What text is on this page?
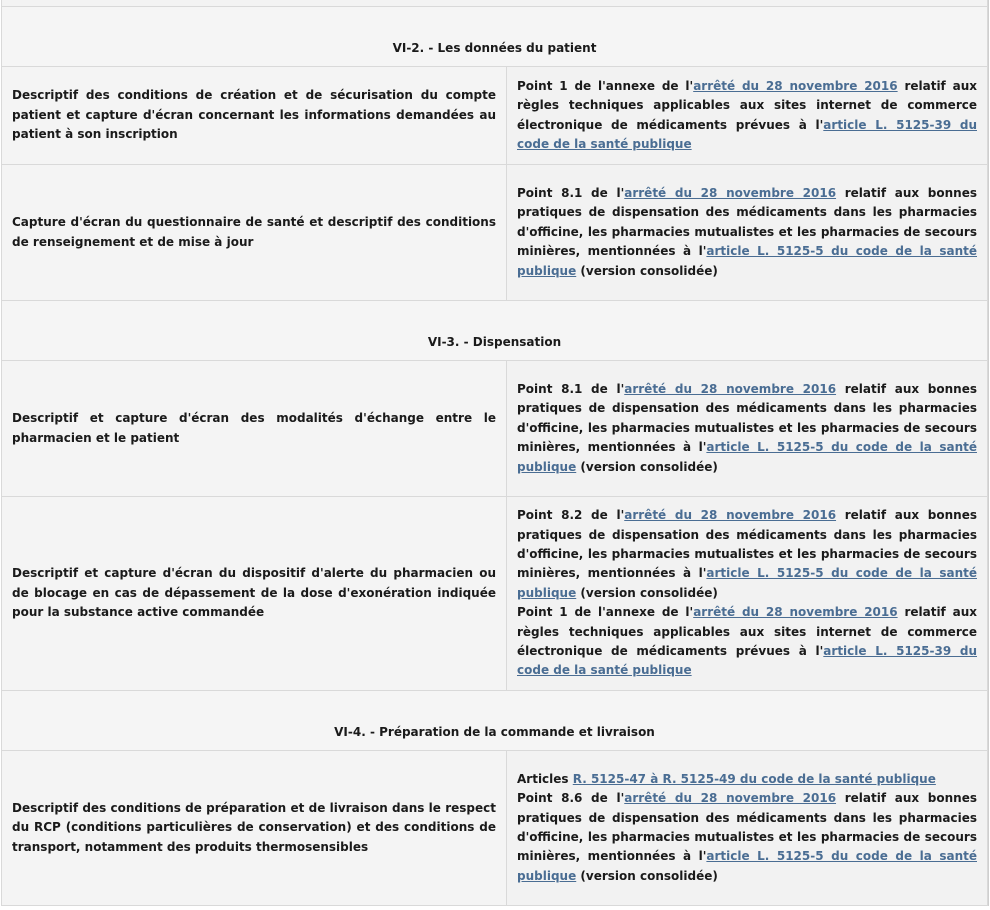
VI-2. - Les données du patient	
Descriptif des conditions de création et de sécurisation du compte patient et capture d'écran concernant les informations demandées au patient à son inscription	Point 1 de l'annexe de l'arrêté du 28 novembre 2016 relatif aux règles techniques applicables aux sites internet de commerce électronique de médicaments prévues à l'article L. 5125-39 du code de la santé publique

Capture d'écran du questionnaire de santé et descriptif des conditions de renseignement et de mise à jour	Point 8.1 de l'arrêté du 28 novembre 2016 relatif aux bonnes pratiques de dispensation des médicaments dans les pharmacies d'officine, les pharmacies mutualistes et les pharmacies de secours minières, mentionnées à l'article L. 5125-5 du code de la santé publique (version consolidée)

VI-3. - Dispensation	
Descriptif et capture d'écran des modalités d'échange entre le pharmacien et le patient	Point 8.1 de l'arrêté du 28 novembre 2016 relatif aux bonnes pratiques de dispensation des médicaments dans les pharmacies d'officine, les pharmacies mutualistes et les pharmacies de secours minières, mentionnées à l'article L. 5125-5 du code de la santé publique (version consolidée)

Descriptif et capture d'écran du dispositif d'alerte du pharmacien ou de blocage en cas de dépassement de la dose d'exonération indiquée pour la substance active commandée	Point 8.2 de l'arrêté du 28 novembre 2016 relatif aux bonnes pratiques de dispensation des médicaments dans les pharmacies d'officine, les pharmacies mutualistes et les pharmacies de secours minières, mentionnées à l'article L. 5125-5 du code de la santé publique (version consolidée)
Point 1 de l'annexe de l'arrêté du 28 novembre 2016 relatif aux règles techniques applicables aux sites internet de commerce électronique de médicaments prévues à l'article L. 5125-39 du code de la santé publique

VI-4. - Préparation de la commande et livraison	
Descriptif des conditions de préparation et de livraison dans le respect du RCP (conditions particulières de conservation) et des conditions de transport, notamment des produits thermosensibles	Articles R. 5125-47 à R. 5125-49 du code de la santé publique
Point 8.6 de l'arrêté du 28 novembre 2016 relatif aux bonnes pratiques de dispensation des médicaments dans les pharmacies d'officine, les pharmacies mutualistes et les pharmacies de secours minières, mentionnées à l'article L. 5125-5 du code de la santé publique (version consolidée)
